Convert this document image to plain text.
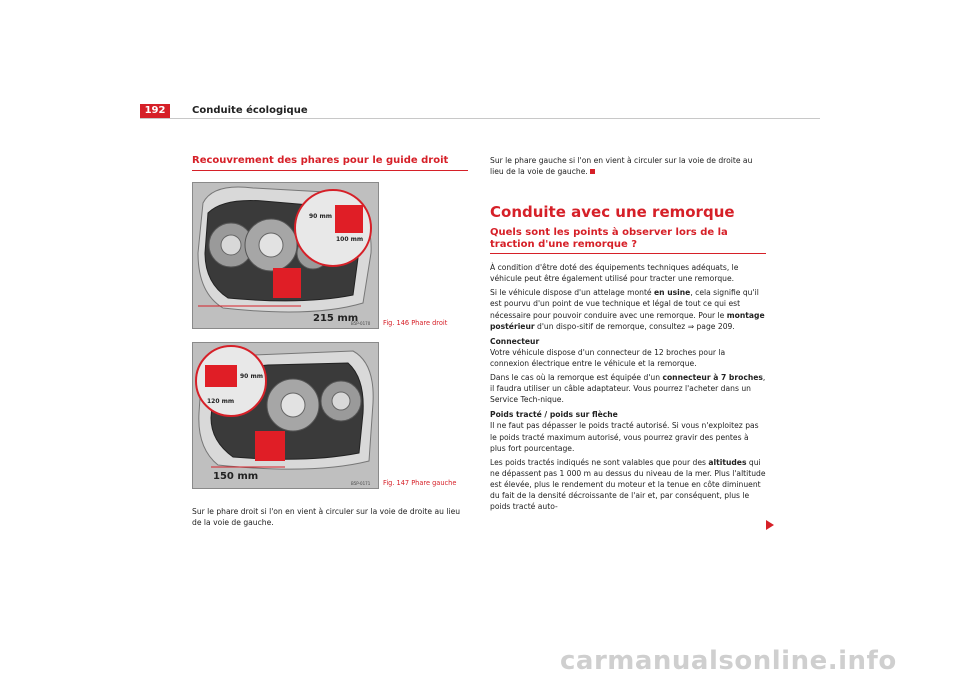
192	Conduite écologique
Recouvrement des phares pour le guide droit
90 mm
100 mm
215 mm
B5P-0170 Fig. 146 Phare droit
90 mm
120 mm
150 mm
B5P-0171 Fig. 147 Phare gauche

Sur le phare droit si l'on en vient à circuler sur la voie de droite au lieu de la voie de gauche.

Sur le phare gauche si l'on en vient à circuler sur la voie de droite au lieu de la voie de gauche.

Conduite avec une remorque
Quels sont les points à observer lors de la traction d'une remorque ?

À condition d'être doté des équipements techniques adéquats, le véhicule peut être également utilisé pour tracter une remorque.

Si le véhicule dispose d'un attelage monté en usine, cela signifie qu'il est pourvu d'un point de vue technique et légal de tout ce qui est nécessaire pour pouvoir conduire avec une remorque. Pour le montage postérieur d'un dispo-sitif de remorque, consultez ⇒ page 209.

Connecteur

Votre véhicule dispose d'un connecteur de 12 broches pour la connexion électrique entre le véhicule et la remorque.

Dans le cas où la remorque est équipée d'un connecteur à 7 broches, il faudra utiliser un câble adaptateur. Vous pourrez l'acheter dans un Service Tech-nique.

Poids tracté / poids sur flèche

Il ne faut pas dépasser le poids tracté autorisé. Si vous n'exploitez pas le poids tracté maximum autorisé, vous pourrez gravir des pentes à plus fort pourcentage.

Les poids tractés indiqués ne sont valables que pour des altitudes qui ne dépassent pas 1 000 m au dessus du niveau de la mer. Plus l'altitude est élevée, plus le rendement du moteur et la tenue en côte diminuent du fait de la densité décroissante de l'air et, par conséquent, plus le poids tracté auto-

carmanualsonline.info
